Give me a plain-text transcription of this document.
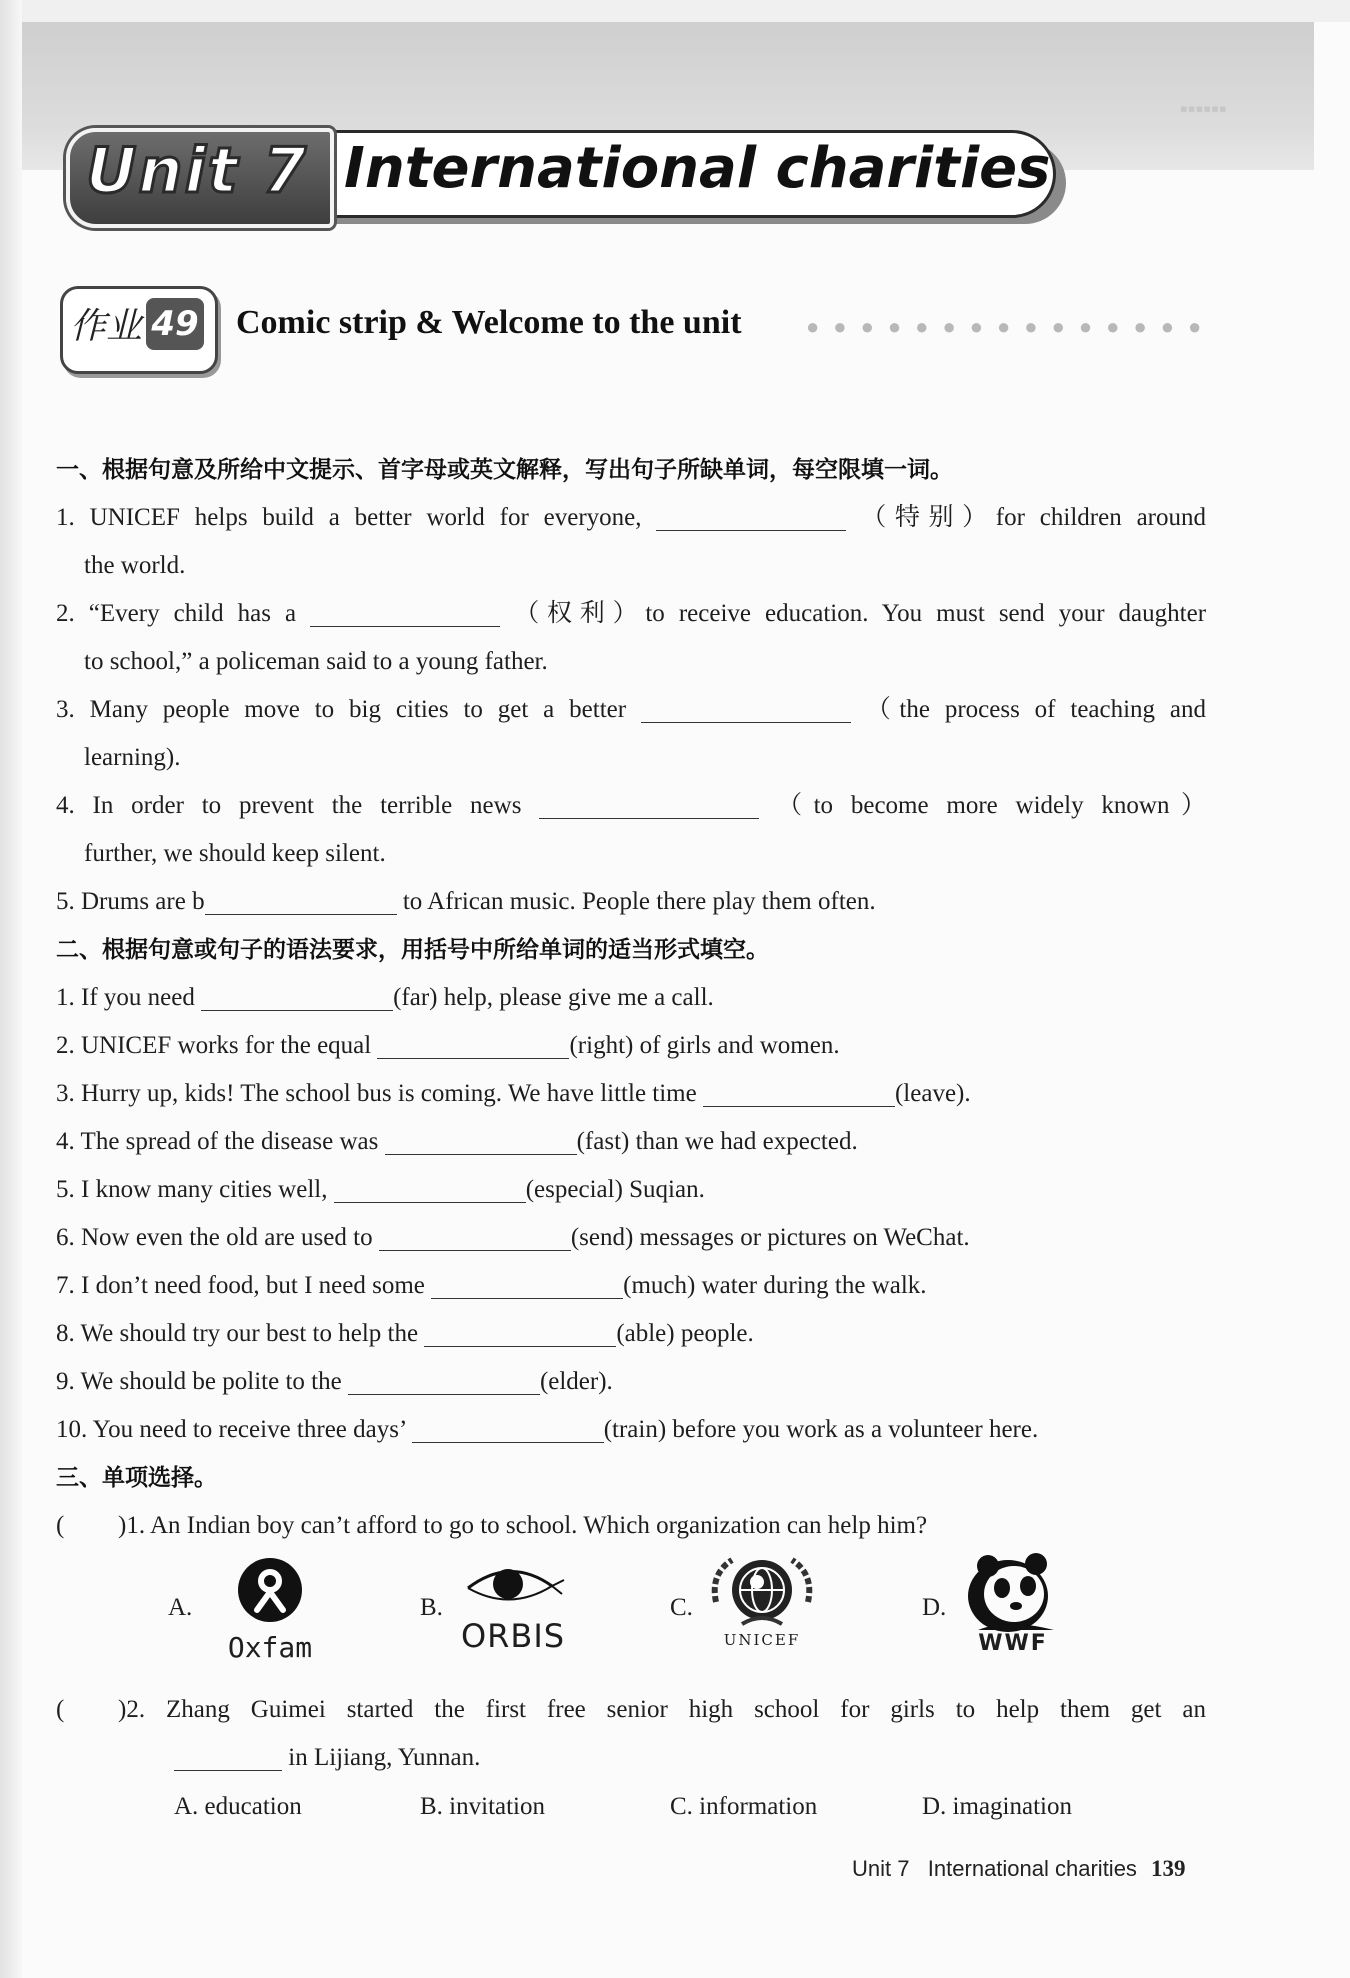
▪▪▪▪▪▪
Unit 7 International charities
作业 49 Comic strip & Welcome to the unit	●●●●●●●●●●●●●●●
一、根据句意及所给中文提示、首字母或英文解释，写出句子所缺单词，每空限填一词。
1. UNICEF helps build a better world for everyone,	（特别）for children around
the world.
2. “Every child has a	（权利）to receive education. You must send your daughter
to school,” a policeman said to a young father.
3. Many people move to big cities to get a better	（the process of teaching and
learning).
4. In order to prevent the terrible news	（to become more widely known）
further, we should keep silent.
5. Drums are b	to African music. People there play them often.
二、根据句意或句子的语法要求，用括号中所给单词的适当形式填空。
1. If you need	(far) help, please give me a call.
2. UNICEF works for the equal	(right) of girls and women.
3. Hurry up, kids! The school bus is coming. We have little time	(leave).
4. The spread of the disease was	(fast) than we had expected.
5. I know many cities well,	(especial) Suqian.
6. Now even the old are used to	(send) messages or pictures on WeChat.
7. I don’t need food, but I need some	(much) water during the walk.
8. We should try our best to help the	(able) people.
9. We should be polite to the	(elder).
10. You need to receive three days’	(train) before you work as a volunteer here.
三、单项选择。
( )1. An Indian boy can’t afford to go to school. Which organization can help him?
A.
Oxfam
B.
ORBIS
C.
UNICEF
D.
WWF
( )2. Zhang Guimei started the first free senior high school for girls to help them get an
in Lijiang, Yunnan.
A. education	B. invitation	C. information	D. imagination
Unit 7   International charities 139
